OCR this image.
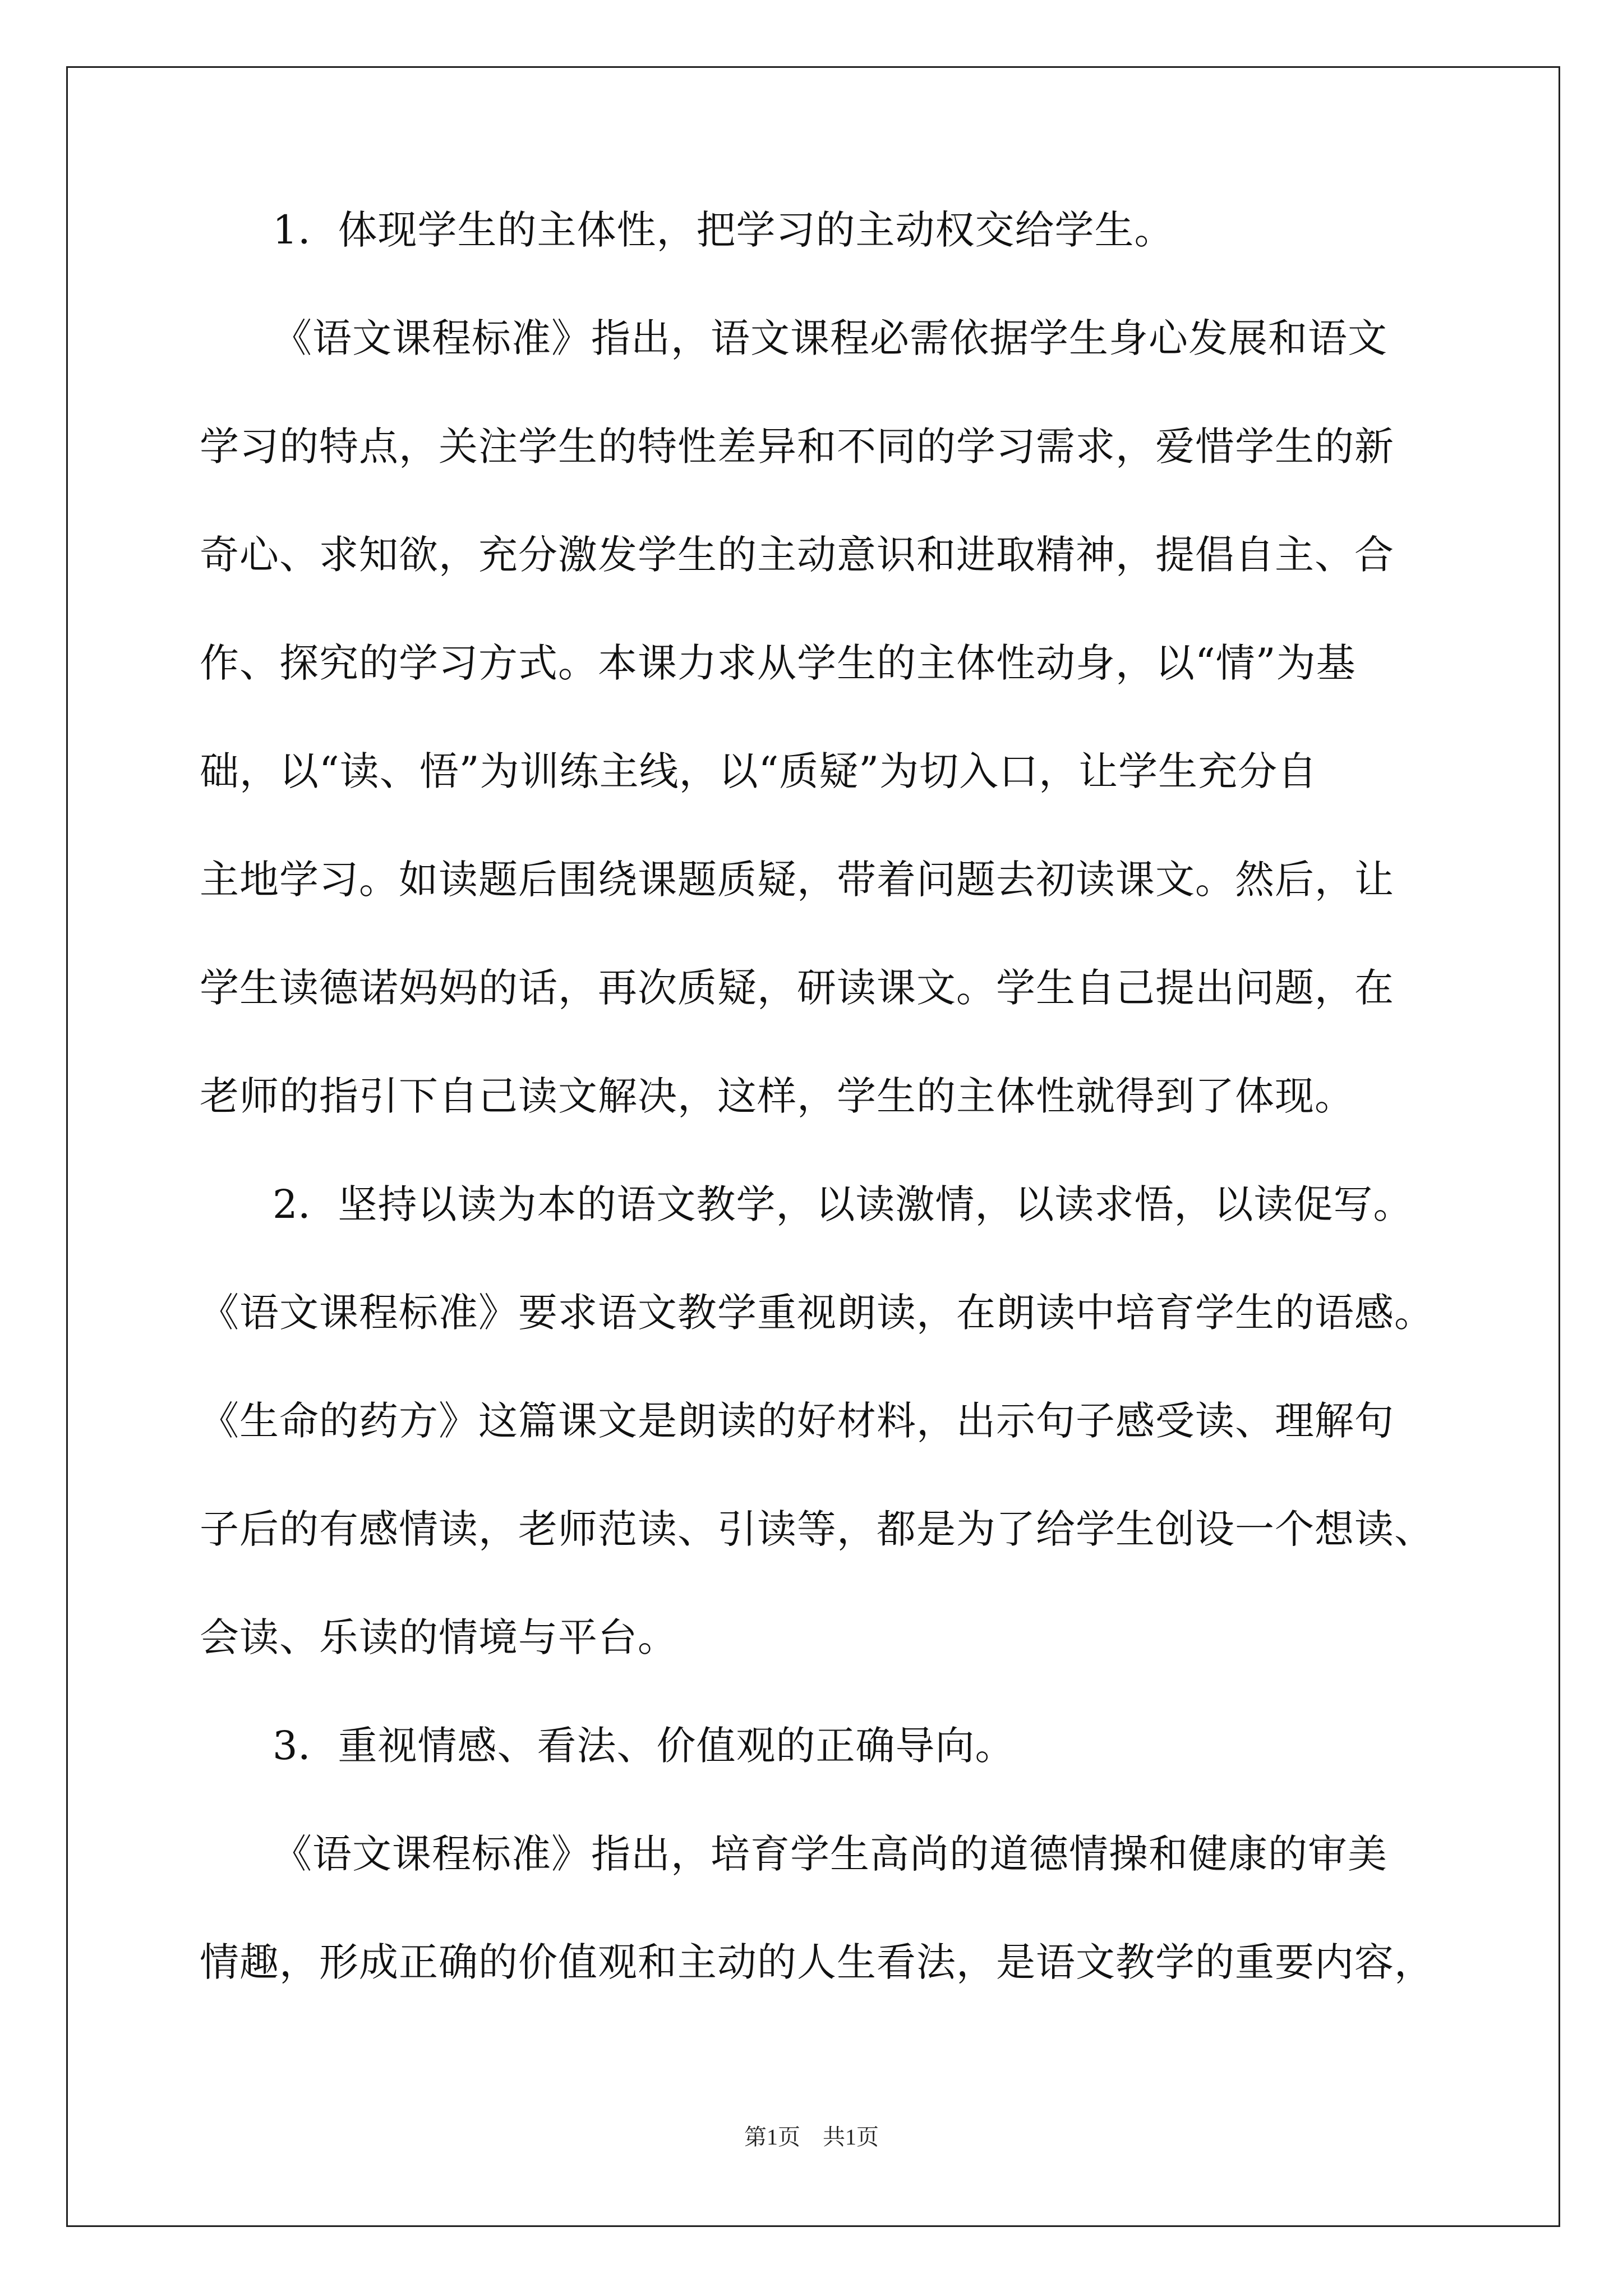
1．体现学生的主体性，把学习的主动权交给学生。
《语文课程标准》指出，语文课程必需依据学生身心发展和语文
学习的特点，关注学生的特性差异和不同的学习需求，爱惜学生的新
奇心、求知欲，充分激发学生的主动意识和进取精神，提倡自主、合
作、探究的学习方式。本课力求从学生的主体性动身，以“情”为基
础，以“读、悟”为训练主线，以“质疑”为切入口，让学生充分自
主地学习。如读题后围绕课题质疑，带着问题去初读课文。然后，让
学生读德诺妈妈的话，再次质疑，研读课文。学生自己提出问题，在
老师的指引下自己读文解决，这样，学生的主体性就得到了体现。
2．坚持以读为本的语文教学，以读激情，以读求悟，以读促写。
《语文课程标准》要求语文教学重视朗读，在朗读中培育学生的语感。
《生命的药方》这篇课文是朗读的好材料，出示句子感受读、理解句
子后的有感情读，老师范读、引读等，都是为了给学生创设一个想读、
会读、乐读的情境与平台。
3．重视情感、看法、价值观的正确导向。
《语文课程标准》指出，培育学生高尚的道德情操和健康的审美
情趣，形成正确的价值观和主动的人生看法，是语文教学的重要内容，
第1页　共1页
